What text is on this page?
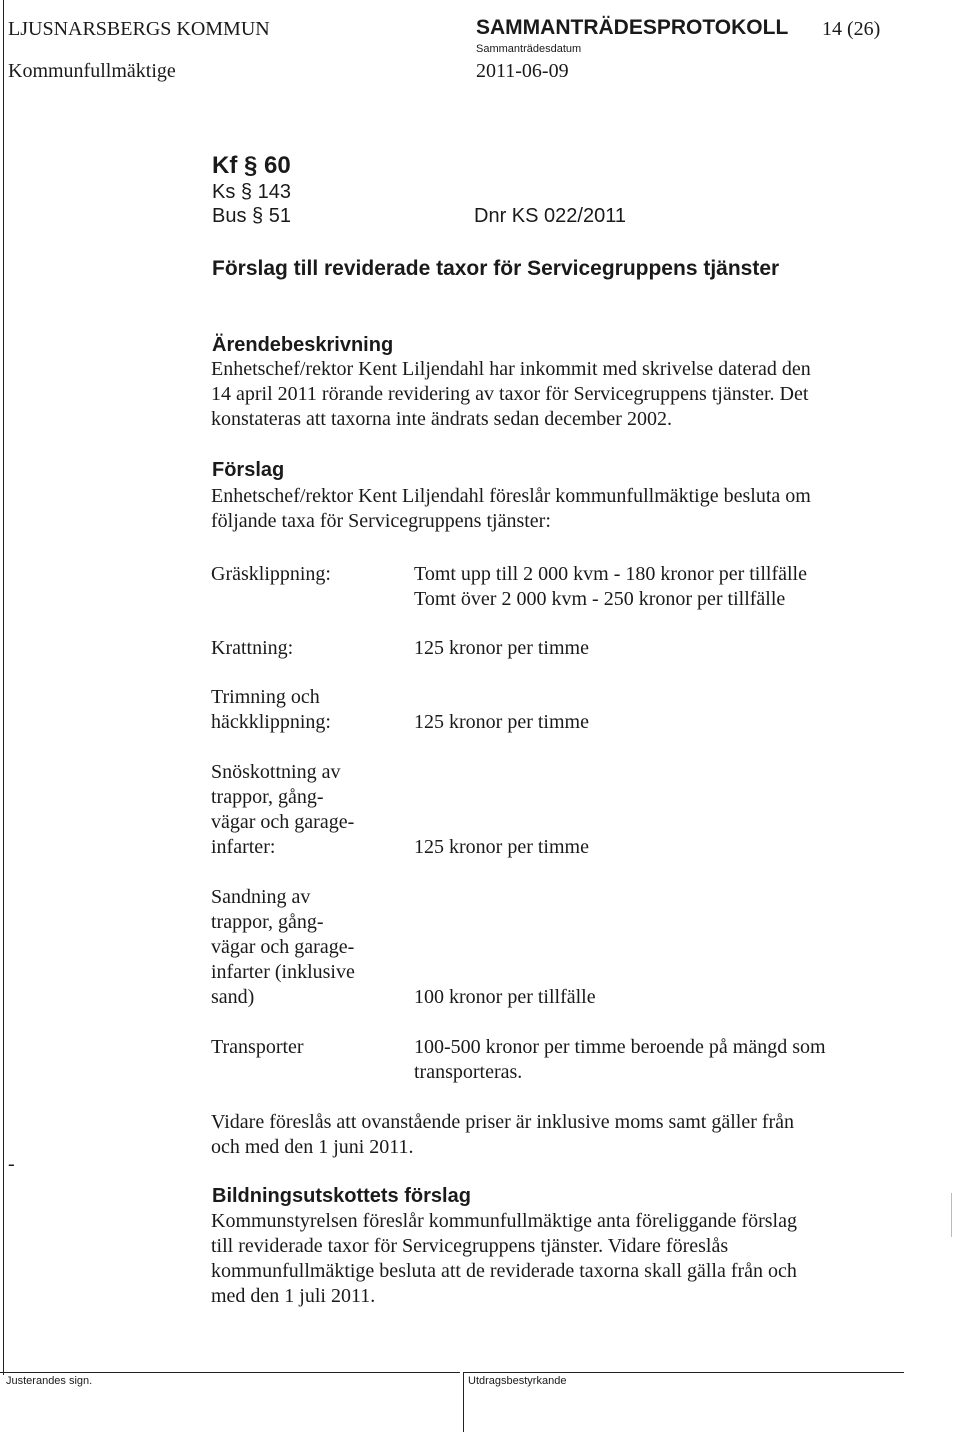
LJUSNARSBERGS KOMMUN
Kommunfullmäktige
SAMMANTRÄDESPROTOKOLL 14 (26)
Sammanträdesdatum
2011-06-09
Kf § 60
Ks § 143
Bus § 51	Dnr KS 022/2011
Förslag till reviderade taxor för Servicegruppens tjänster
Ärendebeskrivning
Enhetschef/rektor Kent Liljendahl har inkommit med skrivelse daterad den
14 april 2011 rörande revidering av taxor för Servicegruppens tjänster. Det
konstateras att taxorna inte ändrats sedan december 2002.
Förslag
Enhetschef/rektor Kent Liljendahl föreslår kommunfullmäktige besluta om
följande taxa för Servicegruppens tjänster:
Gräsklippning:	Tomt upp till 2 000 kvm - 180 kronor per tillfälle
Tomt över 2 000 kvm - 250 kronor per tillfälle
Krattning:	125 kronor per timme
Trimning och
häckklippning:	125 kronor per timme
Snöskottning av
trappor, gång-
vägar och garage-
infarter:	125 kronor per timme
Sandning av
trappor, gång-
vägar och garage-
infarter (inklusive
sand)	100 kronor per tillfälle
Transporter	100-500 kronor per timme beroende på mängd som
transporteras.
Vidare föreslås att ovanstående priser är inklusive moms samt gäller från
och med den 1 juni 2011.
-
Bildningsutskottets förslag
Kommunstyrelsen föreslår kommunfullmäktige anta föreliggande förslag
till reviderade taxor för Servicegruppens tjänster. Vidare föreslås
kommunfullmäktige besluta att de reviderade taxorna skall gälla från och
med den 1 juli 2011.
Justerandes sign.	Utdragsbestyrkande
